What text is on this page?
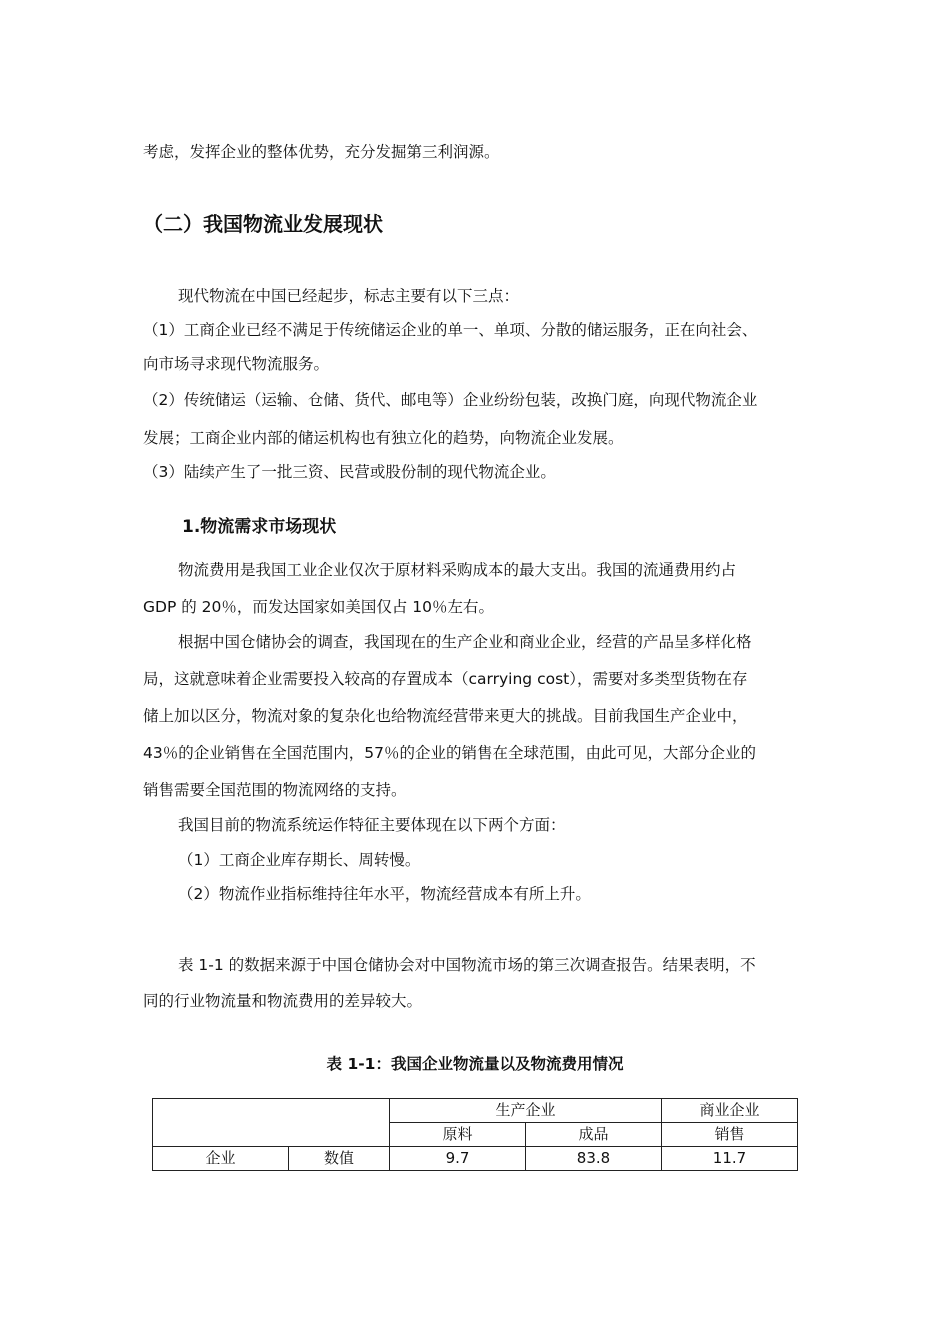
考虑，发挥企业的整体优势，充分发掘第三利润源。
（二）我国物流业发展现状
现代物流在中国已经起步，标志主要有以下三点：
（1）工商企业已经不满足于传统储运企业的单一、单项、分散的储运服务，正在向社会、
向市场寻求现代物流服务。
（2）传统储运（运输、仓储、货代、邮电等）企业纷纷包装，改换门庭，向现代物流企业
发展；工商企业内部的储运机构也有独立化的趋势，向物流企业发展。
（3）陆续产生了一批三资、民营或股份制的现代物流企业。
1.物流需求市场现状
物流费用是我国工业企业仅次于原材料采购成本的最大支出。我国的流通费用约占
GDP 的 20％，而发达国家如美国仅占 10％左右。
根据中国仓储协会的调查，我国现在的生产企业和商业企业，经营的产品呈多样化格
局，这就意味着企业需要投入较高的存置成本（carrying cost），需要对多类型货物在存
储上加以区分，物流对象的复杂化也给物流经营带来更大的挑战。目前我国生产企业中，
43％的企业销售在全国范围内，57％的企业的销售在全球范围，由此可见，大部分企业的
销售需要全国范围的物流网络的支持。
我国目前的物流系统运作特征主要体现在以下两个方面：
（1）工商企业库存期长、周转慢。
（2）物流作业指标维持往年水平，物流经营成本有所上升。
表 1-1 的数据来源于中国仓储协会对中国物流市场的第三次调查报告。结果表明，不
同的行业物流量和物流费用的差异较大。
表 1-1：我国企业物流量以及物流费用情况
		生产企业		商业企业
		原料	成品	销售
企业	数值	9.7	83.8	11.7
